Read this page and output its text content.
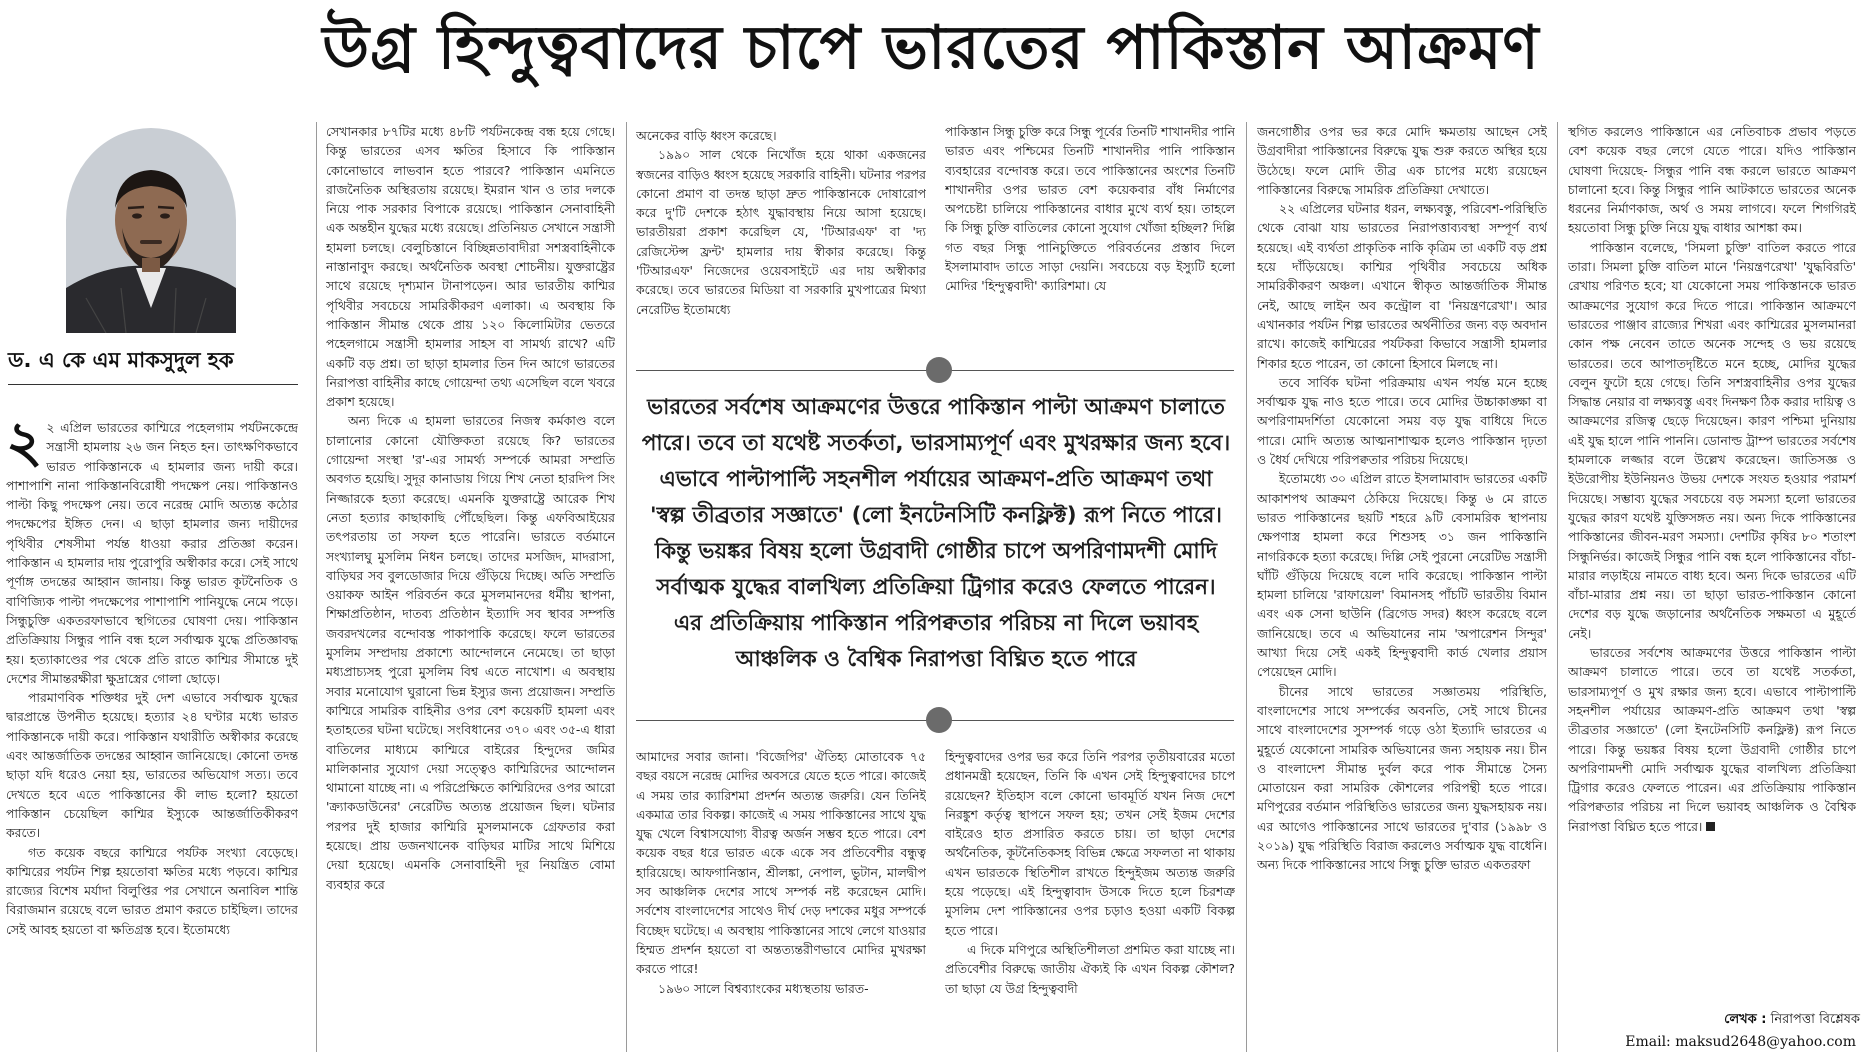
উগ্র হিন্দুত্ববাদের চাপে ভারতের পাকিস্তান আক্রমণ
ড. এ কে এম মাকসুদুল হক

২ ২ এপ্রিল ভারতের কাশ্মিরে পহেলগাম পর্যটনকেন্দ্রে সন্ত্রাসী হামলায় ২৬ জন নিহত হন। তাৎক্ষণিকভাবে ভারত পাকিস্তানকে এ হামলার জন্য দায়ী করে। পাশাপাশি নানা পাকিস্তানবিরোধী পদক্ষেপ নেয়। পাকিস্তানও পাল্টা কিছু পদক্ষেপ নেয়। তবে নরেন্দ্র মোদি অত্যন্ত কঠোর পদক্ষেপের ইঙ্গিত দেন। এ ছাড়া হামলার জন্য দায়ীদের পৃথিবীর শেষসীমা পর্যন্ত ধাওয়া করার প্রতিজ্ঞা করেন। পাকিস্তান এ হামলার দায় পুরোপুরি অস্বীকার করে। সেই সাথে পূর্ণাঙ্গ তদন্তের আহ্বান জানায়। কিন্তু ভারত কূটনৈতিক ও বাণিজ্যিক পাল্টা পদক্ষেপের পাশাপাশি পানিযুদ্ধে নেমে পড়ে। সিন্ধুচুক্তি একতরফাভাবে স্থগিতের ঘোষণা দেয়। পাকিস্তান প্রতিক্রিয়ায় সিন্ধুর পানি বন্ধ হলে সর্বাত্মক যুদ্ধে প্রতিজ্ঞাবদ্ধ হয়। হত্যাকাণ্ডের পর থেকে প্রতি রাতে কাশ্মির সীমান্তে দুই দেশের সীমান্তরক্ষীরা ক্ষুদ্রাস্ত্রের গোলা ছোড়ে।

পারমাণবিক শক্তিধর দুই দেশ এভাবে সর্বাত্মক যুদ্ধের দ্বারপ্রান্তে উপনীত হয়েছে। হত্যার ২৪ ঘণ্টার মধ্যে ভারত পাকিস্তানকে দায়ী করে। পাকিস্তান যথারীতি অস্বীকার করেছে এবং আন্তর্জাতিক তদন্তের আহ্বান জানিয়েছে। কোনো তদন্ত ছাড়া যদি ধরেও নেয়া হয়, ভারতের অভিযোগ সত্য। তবে দেখতে হবে এতে পাকিস্তানের কী লাভ হলো? হয়তো পাকিস্তান চেয়েছিল কাশ্মির ইস্যুকে আন্তর্জাতিকীকরণ করতে।

গত কয়েক বছরে কাশ্মিরে পর্যটক সংখ্যা বেড়েছে। কাশ্মিরের পর্যটন শিল্প হয়তোবা ক্ষতির মধ্যে পড়বে। কাশ্মির রাজ্যের বিশেষ মর্যাদা বিলুপ্তির পর সেখানে অনাবিল শান্তি বিরাজমান রয়েছে বলে ভারত প্রমাণ করতে চাইছিল। তাদের সেই আবহ হয়তো বা ক্ষতিগ্রস্ত হবে। ইতোমধ্যে

সেখানকার ৮৭টির মধ্যে ৪৮টি পর্যটনকেন্দ্র বন্ধ হয়ে গেছে। কিন্তু ভারতের এসব ক্ষতির হিসাবে কি পাকিস্তান কোনোভাবে লাভবান হতে পারবে? পাকিস্তান এমনিতে রাজনৈতিক অস্থিরতায় রয়েছে। ইমরান খান ও তার দলকে নিয়ে পাক সরকার বিপাকে রয়েছে। পাকিস্তান সেনাবাহিনী এক অন্তহীন যুদ্ধের মধ্যে রয়েছে। প্রতিনিয়ত সেখানে সন্ত্রাসী হামলা চলছে। বেলুচিস্তানে বিচ্ছিন্নতাবাদীরা সশস্ত্রবাহিনীকে নাস্তানাবুদ করছে। অর্থনৈতিক অবস্থা শোচনীয়। যুক্তরাষ্ট্রের সাথে রয়েছে দৃশ্যমান টানাপড়েন। আর ভারতীয় কাশ্মির পৃথিবীর সবচেয়ে সামরিকীকরণ এলাকা। এ অবস্থায় কি পাকিস্তান সীমান্ত থেকে প্রায় ১২০ কিলোমিটার ভেতরে পহেলগামে সন্ত্রাসী হামলার সাহস বা সামর্থ্য রাখে? এটি একটি বড় প্রশ্ন। তা ছাড়া হামলার তিন দিন আগে ভারতের নিরাপত্তা বাহিনীর কাছে গোয়েন্দা তথ্য এসেছিল বলে খবরে প্রকাশ হয়েছে।

অন্য দিকে এ হামলা ভারতের নিজস্ব কর্মকাণ্ড বলে চালানোর কোনো যৌক্তিকতা রয়েছে কি? ভারতের গোয়েন্দা সংস্থা 'র'-এর সামর্থ্য সম্পর্কে আমরা সম্প্রতি অবগত হয়েছি। সুদূর কানাডায় গিয়ে শিখ নেতা হারদিপ সিং নিজ্জারকে হত্যা করেছে। এমনকি যুক্তরাষ্ট্রে আরেক শিখ নেতা হত্যার কাছাকাছি পৌঁছেছিল। কিন্তু এফবিআইয়ের তৎপরতায় তা সফল হতে পারেনি। ভারতে বর্তমানে সংখ্যালঘু মুসলিম নিধন চলছে। তাদের মসজিদ, মাদরাসা, বাড়িঘর সব বুলডোজার দিয়ে গুঁড়িয়ে দিচ্ছে। অতি সম্প্রতি ওয়াকফ আইন পরিবর্তন করে মুসলমানদের ধর্মীয় স্থাপনা, শিক্ষাপ্রতিষ্ঠান, দাতব্য প্রতিষ্ঠান ইত্যাদি সব স্থাবর সম্পত্তি জবরদখলের বন্দোবস্ত পাকাপাকি করেছে। ফলে ভারতের মুসলিম সম্প্রদায় প্রকাশ্যে আন্দোলনে নেমেছে। তা ছাড়া মধ্যপ্রাচ্যসহ পুরো মুসলিম বিশ্ব এতে নাখোশ। এ অবস্থায় সবার মনোযোগ ঘুরানো ভিন্ন ইস্যুর জন্য প্রয়োজন। সম্প্রতি কাশ্মিরে সামরিক বাহিনীর ওপর বেশ কয়েকটি হামলা এবং হতাহতের ঘটনা ঘটেছে। সংবিধানের ৩৭০ এবং ৩৫-এ ধারা বাতিলের মাধ্যমে কাশ্মিরে বাইরের হিন্দুদের জমির মালিকানার সুযোগ দেয়া সত্ত্বেও কাশ্মিরিদের আন্দোলন থামানো যাচ্ছে না। এ পরিপ্রেক্ষিতে কাশ্মিরিদের ওপর আরো 'ক্র্যাকডাউনের' নেরেটিভ অত্যন্ত প্রয়োজন ছিল। ঘটনার পরপর দুই হাজার কাশ্মিরি মুসলমানকে গ্রেফতার করা হয়েছে। প্রায় ডজনখানেক বাড়িঘর মাটির সাথে মিশিয়ে দেয়া হয়েছে। এমনকি সেনাবাহিনী দূর নিয়ন্ত্রিত বোমা ব্যবহার করে

অনেকের বাড়ি ধ্বংস করেছে।

১৯৯০ সাল থেকে নিখোঁজ হয়ে থাকা একজনের স্বজনের বাড়িও ধ্বংস হয়েছে সরকারি বাহিনী। ঘটনার পরপর কোনো প্রমাণ বা তদন্ত ছাড়া দ্রুত পাকিস্তানকে দোষারোপ করে দু'টি দেশকে হঠাৎ যুদ্ধাবস্থায় নিয়ে আসা হয়েছে। ভারতীয়রা প্রকাশ করেছিল যে, 'টিআরএফ' বা 'দ্য রেজিস্টেন্স ফ্রন্ট' হামলার দায় স্বীকার করেছে। কিন্তু 'টিআরএফ' নিজেদের ওয়েবসাইটে এর দায় অস্বীকার করেছে। তবে ভারতের মিডিয়া বা সরকারি মুখপাত্রের মিথ্যা নেরেটিভ ইতোমধ্যে

পাকিস্তান সিন্ধু চুক্তি করে সিন্ধু পূর্বের তিনটি শাখানদীর পানি ভারত এবং পশ্চিমের তিনটি শাখানদীর পানি পাকিস্তান ব্যবহারের বন্দোবস্ত করে। তবে পাকিস্তানের অংশের তিনটি শাখানদীর ওপর ভারত বেশ কয়েকবার বাঁধ নির্মাণের অপচেষ্টা চালিয়ে পাকিস্তানের বাধার মুখে ব্যর্থ হয়। তাহলে কি সিন্ধু চুক্তি বাতিলের কোনো সুযোগ খোঁজা হচ্ছিল? দিল্লি গত বছর সিন্ধু পানিচুক্তিতে পরিবর্তনের প্রস্তাব দিলে ইসলামাবাদ তাতে সাড়া দেয়নি। সবচেয়ে বড় ইস্যুটি হলো মোদির 'হিন্দুত্ববাদী' ক্যারিশমা। যে

ভারতের সর্বশেষ আক্রমণের উত্তরে পাকিস্তান পাল্টা আক্রমণ চালাতে পারে। তবে তা যথেষ্ট সতর্কতা, ভারসাম্যপূর্ণ এবং মুখরক্ষার জন্য হবে। এভাবে পাল্টাপাল্টি সহনশীল পর্যায়ের আক্রমণ-প্রতি আক্রমণ তথা 'স্বল্প তীব্রতার সজ্ঞাতে' (লো ইনটেনসিটি কনফ্লিক্ট) রূপ নিতে পারে। কিন্তু ভয়ঙ্কর বিষয় হলো উগ্রবাদী গোষ্ঠীর চাপে অপরিণামদশী মোদি সর্বাত্মক যুদ্ধের বালখিল্য প্রতিক্রিয়া ট্রিগার করেও ফেলতে পারেন। এর প্রতিক্রিয়ায় পাকিস্তান পরিপক্বতার পরিচয় না দিলে ভয়াবহ আঞ্চলিক ও বৈশ্বিক নিরাপত্তা বিঘ্নিত হতে পারে

আমাদের সবার জানা। 'বিজেপির' ঐতিহ্য মোতাবেক ৭৫ বছর বয়সে নরেন্দ্র মোদির অবসরে যেতে হতে পারে। কাজেই এ সময় তার ক্যারিশমা প্রদর্শন অত্যন্ত জরুরি। যেন তিনিই একমাত্র তার বিকল্প। কাজেই এ সময় পাকিস্তানের সাথে যুদ্ধ যুদ্ধ খেলে বিশ্বাসযোগ্য বীরত্ব অর্জন সম্ভব হতে পারে। বেশ কয়েক বছর ধরে ভারত একে একে সব প্রতিবেশীর বন্ধুত্ব হারিয়েছে। আফগানিস্তান, শ্রীলঙ্কা, নেপাল, ভুটান, মালদ্বীপ সব আঞ্চলিক দেশের সাথে সম্পর্ক নষ্ট করেছেন মোদি। সর্বশেষ বাংলাদেশের সাথেও দীর্ঘ দেড় দশকের মধুর সম্পর্কে বিচ্ছেদ ঘটেছে। এ অবস্থায় পাকিস্তানের সাথে লেগে যাওয়ার হিম্মত প্রদর্শন হয়তো বা অন্তত্যন্তরীণভাবে মোদির মুখরক্ষা করতে পারে!

১৯৬০ সালে বিশ্বব্যাংকের মধ্যস্থতায় ভারত-

হিন্দুত্ববাদের ওপর ভর করে তিনি পরপর তৃতীয়বারের মতো প্রধানমন্ত্রী হয়েছেন, তিনি কি এখন সেই হিন্দুত্ববাদের চাপে রয়েছেন? ইতিহাস বলে কোনো ভাবমূর্তি যখন নিজ দেশে নিরঙ্কুশ কর্তৃত্ব স্থাপনে সফল হয়; তখন সেই ইজম দেশের বাইরেও হাত প্রসারিত করতে চায়। তা ছাড়া দেশের অর্থনৈতিক, কূটনৈতিকসহ বিভিন্ন ক্ষেত্রে সফলতা না থাকায় এখন ভারতকে স্থিতিশীল রাখতে হিন্দুইজম অত্যন্ত জরুরি হয়ে পড়েছে। এই হিন্দুত্বাবাদ উসকে দিতে হলে চিরশত্রু মুসলিম দেশ পাকিস্তানের ওপর চড়াও হওয়া একটি বিকল্প হতে পারে।

এ দিকে মণিপুরে অস্থিতিশীলতা প্রশমিত করা যাচ্ছে না। প্রতিবেশীর বিরুদ্ধে জাতীয় ঐক্যই কি এখন বিকল্প কৌশল? তা ছাড়া যে উগ্র হিন্দুত্ববাদী

জনগোষ্ঠীর ওপর ভর করে মোদি ক্ষমতায় আছেন সেই উগ্রবাদীরা পাকিস্তানের বিরুদ্ধে যুদ্ধ শুরু করতে অস্থির হয়ে উঠেছে। ফলে মোদি তীব্র এক চাপের মধ্যে রয়েছেন পাকিস্তানের বিরুদ্ধে সামরিক প্রতিক্রিয়া দেখাতে।

২২ এপ্রিলের ঘটনার ধরন, লক্ষ্যবস্তু, পরিবেশ-পরিস্থিতি থেকে বোঝা যায় ভারতের নিরাপত্তাব্যবস্থা সম্পূর্ণ ব্যর্থ হয়েছে। এই ব্যর্থতা প্রাকৃতিক নাকি কৃত্রিম তা একটি বড় প্রশ্ন হয়ে দাঁড়িয়েছে। কাশ্মির পৃথিবীর সবচেয়ে অধিক সামরিকীকরণ অঞ্চল। এখানে স্বীকৃত আন্তর্জাতিক সীমান্ত নেই, আছে লাইন অব কন্ট্রোল বা 'নিয়ন্ত্রণরেখা'। আর এখানকার পর্যটন শিল্প ভারতের অর্থনীতির জন্য বড় অবদান রাখে। কাজেই কাশ্মিরের পর্যটকরা কিভাবে সন্ত্রাসী হামলার শিকার হতে পারেন, তা কোনো হিসাবে মিলছে না।

তবে সার্বিক ঘটনা পরিক্রমায় এখন পর্যন্ত মনে হচ্ছে সর্বাত্মক যুদ্ধ নাও হতে পারে। তবে মোদির উচ্চাকাঙ্ক্ষা বা অপরিণামদর্শিতা যেকোনো সময় বড় যুদ্ধ বাধিয়ে দিতে পারে। মোদি অত্যন্ত আত্মনাশাত্মক হলেও পাকিস্তান দৃঢ়তা ও ধৈর্য দেখিয়ে পরিপক্বতার পরিচয় দিয়েছে।

ইতোমধ্যে ৩০ এপ্রিল রাতে ইসলামাবাদ ভারতের একটি আকাশপথ আক্রমণ ঠেকিয়ে দিয়েছে। কিন্তু ৬ মে রাতে ভারত পাকিস্তানের ছয়টি শহরে ৯টি বেসামরিক স্থাপনায় ক্ষেপণাস্ত্র হামলা করে শিশুসহ ৩১ জন পাকিস্তানি নাগরিককে হত্যা করেছে। দিল্লি সেই পুরনো নেরেটিভ সন্ত্রাসী ঘাঁটি গুঁড়িয়ে দিয়েছে বলে দাবি করেছে। পাকিস্তান পাল্টা হামলা চালিয়ে 'রাফায়েল' বিমানসহ পাঁচটি ভারতীয় বিমান এবং এক সেনা ছাউনি (ব্রিগেড সদর) ধ্বংস করেছে বলে জানিয়েছে। তবে এ অভিযানের নাম 'অপারেশন সিন্দুর' আখ্যা দিয়ে সেই একই হিন্দুত্ববাদী কার্ড খেলার প্রয়াস পেয়েছেন মোদি।

চীনের সাথে ভারতের সজ্ঞাতময় পরিস্থিতি, বাংলাদেশের সাথে সম্পর্কের অবনতি, সেই সাথে চীনের সাথে বাংলাদেশের সুসম্পর্ক গড়ে ওঠা ইত্যাদি ভারতের এ মুহূর্তে যেকোনো সামরিক অভিযানের জন্য সহায়ক নয়। চীন ও বাংলাদেশ সীমান্ত দুর্বল করে পাক সীমান্তে সৈন্য মোতায়েন করা সামরিক কৌশলের পরিপন্থী হতে পারে। মণিপুরের বর্তমান পরিস্থিতিও ভারতের জন্য যুদ্ধসহায়ক নয়। এর আগেও পাকিস্তানের সাথে ভারতের দু'বার (১৯৯৮ ও ২০১৯) যুদ্ধ পরিস্থিতি বিরাজ করলেও সর্বাত্মক যুদ্ধ বাধেনি। অন্য দিকে পাকিস্তানের সাথে সিন্ধু চুক্তি ভারত একতরফা

স্থগিত করলেও পাকিস্তানে এর নেতিবাচক প্রভাব পড়তে বেশ কয়েক বছর লেগে যেতে পারে। যদিও পাকিস্তান ঘোষণা দিয়েছে- সিন্ধুর পানি বন্ধ করলে ভারতে আক্রমণ চালানো হবে। কিন্তু সিন্ধুর পানি আটকাতে ভারতের অনেক ধরনের নির্মাণকাজ, অর্থ ও সময় লাগবে। ফলে শিগগিরই হয়তোবা সিন্ধু চুক্তি নিয়ে যুদ্ধ বাধার আশঙ্কা কম।

পাকিস্তান বলেছে, 'সিমলা চুক্তি' বাতিল করতে পারে তারা। সিমলা চুক্তি বাতিল মানে 'নিয়ন্ত্রণরেখা' 'যুদ্ধবিরতি' রেখায় পরিণত হবে; যা যেকোনো সময় পাকিস্তানকে ভারত আক্রমণের সুযোগ করে দিতে পারে। পাকিস্তান আক্রমণে ভারতের পাঞ্জাব রাজ্যের শিখরা এবং কাশ্মিরের মুসলমানরা কোন পক্ষ নেবেন তাতে অনেক সন্দেহ ও ভয় রয়েছে ভারতের। তবে আপাতদৃষ্টিতে মনে হচ্ছে, মোদির যুদ্ধের বেলুন ফুটো হয়ে গেছে। তিনি সশস্ত্রবাহিনীর ওপর যুদ্ধের সিদ্ধান্ত নেয়ার বা লক্ষ্যবস্তু এবং দিনক্ষণ ঠিক করার দায়িত্ব ও আক্রমণের রজিত্ব ছেড়ে দিয়েছেন। কারণ পশ্চিমা দুনিয়ায় এই যুদ্ধ হালে পানি পাননি। ডোনাল্ড ট্রাম্প ভারতের সর্বশেষ হামলাকে লজ্জার বলে উল্লেখ করেছেন। জাতিসজ্ঞ ও ইউরোপীয় ইউনিয়নও উভয় দেশকে সংযত হওয়ার পরামর্শ দিয়েছে। সম্ভাব্য যুদ্ধের সবচেয়ে বড় সমস্যা হলো ভারতের যুদ্ধের কারণ যথেষ্ট যুক্তিসঙ্গত নয়। অন্য দিকে পাকিস্তানের পাকিস্তানের জীবন-মরণ সমস্যা। দেশটির কৃষির ৮০ শতাংশ সিন্ধুনির্ভর। কাজেই সিন্ধুর পানি বন্ধ হলে পাকিস্তানের বাঁচা-মারার লড়াইয়ে নামতে বাধ্য হবে। অন্য দিকে ভারতের এটি বাঁচা-মারার প্রশ্ন নয়। তা ছাড়া ভারত-পাকিস্তান কোনো দেশের বড় যুদ্ধে জড়ানোর অর্থনৈতিক সক্ষমতা এ মুহূর্তে নেই।

ভারতের সর্বশেষ আক্রমণের উত্তরে পাকিস্তান পাল্টা আক্রমণ চালাতে পারে। তবে তা যথেষ্ট সতর্কতা, ভারসাম্যপূর্ণ ও মুখ রক্ষার জন্য হবে। এভাবে পাল্টাপাল্টি সহনশীল পর্যায়ের আক্রমণ-প্রতি আক্রমণ তথা 'স্বল্প তীব্রতার সজ্ঞাতে' (লো ইনটেনসিটি কনফ্লিক্ট) রূপ নিতে পারে। কিন্তু ভয়ঙ্কর বিষয় হলো উগ্রবাদী গোষ্ঠীর চাপে অপরিণামদশী মোদি সর্বাত্মক যুদ্ধের বালখিল্য প্রতিক্রিয়া ট্রিগার করেও ফেলতে পারেন। এর প্রতিক্রিয়ায় পাকিস্তান পরিপক্বতার পরিচয় না দিলে ভয়াবহ আঞ্চলিক ও বৈশ্বিক নিরাপত্তা বিঘ্নিত হতে পারে।

লেখক : নিরাপত্তা বিশ্লেষক
Email: maksud2648@yahoo.com
